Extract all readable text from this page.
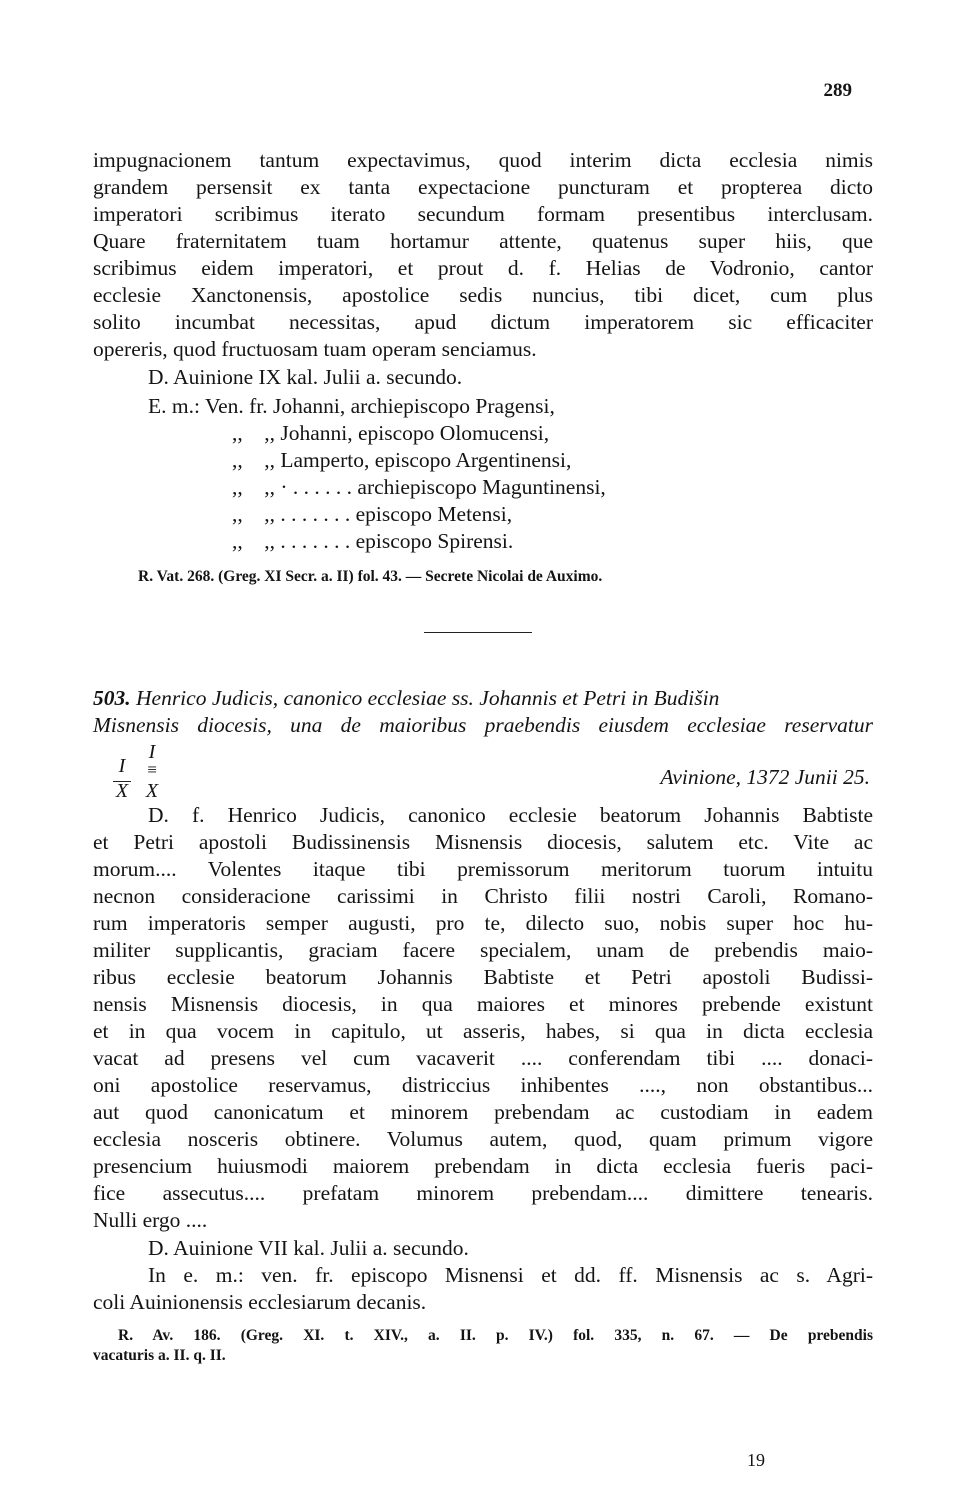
289
impugnacionem tantum expectavimus, quod interim dicta ecclesia nimis
grandem persensit ex tanta expectacione puncturam et propterea dicto
imperatori scribimus iterato secundum formam presentibus interclusam.
Quare fraternitatem tuam hortamur attente, quatenus super hiis, que
scribimus eidem imperatori, et prout d. f. Helias de Vodronio, cantor
ecclesie Xanctonensis, apostolice sedis nuncius, tibi dicet, cum plus
solito incumbat necessitas, apud dictum imperatorem sic efficaciter
opereris, quod fructuosam tuam operam senciamus.
D. Auinione IX kal. Julii a. secundo.
E. m.: Ven. fr. Johanni, archiepiscopo Pragensi,
,,    ,, Johanni, episcopo Olomucensi,
,,    ,, Lamperto, episcopo Argentinensi,
,,    ,, · . . . . . . archiepiscopo Maguntinensi,
,,    ,, . . . . . . . episcopo Metensi,
,,    ,, . . . . . . . episcopo Spirensi.
R. Vat. 268. (Greg. XI Secr. a. II) fol. 43. — Secrete Nicolai de Auximo.
503. Henrico Judicis, canonico ecclesiae ss. Johannis et Petri in Budišin
Misnensis diocesis, una de maioribus praebendis eiusdem ecclesiae reservatur
I
X
I
≡
X
Avinione, 1372 Junii 25.
D. f. Henrico Judicis, canonico ecclesie beatorum Johannis Babtiste
et Petri apostoli Budissinensis Misnensis diocesis, salutem etc. Vite ac
morum.... Volentes itaque tibi premissorum meritorum tuorum intuitu
necnon consideracione carissimi in Christo filii nostri Caroli, Romano-
rum imperatoris semper augusti, pro te, dilecto suo, nobis super hoc hu-
militer supplicantis, graciam facere specialem, unam de prebendis maio-
ribus ecclesie beatorum Johannis Babtiste et Petri apostoli Budissi-
nensis Misnensis diocesis, in qua maiores et minores prebende existunt
et in qua vocem in capitulo, ut asseris, habes, si qua in dicta ecclesia
vacat ad presens vel cum vacaverit .... conferendam tibi .... donaci-
oni apostolice reservamus, districcius inhibentes ...., non obstantibus...
aut quod canonicatum et minorem prebendam ac custodiam in eadem
ecclesia nosceris obtinere. Volumus autem, quod, quam primum vigore
presencium huiusmodi maiorem prebendam in dicta ecclesia fueris paci-
fice assecutus.... prefatam minorem prebendam.... dimittere tenearis.
Nulli ergo ....
D. Auinione VII kal. Julii a. secundo.
In e. m.: ven. fr. episcopo Misnensi et dd. ff. Misnensis ac s. Agri-
coli Auinionensis ecclesiarum decanis.
R. Av. 186. (Greg. XI. t. XIV., a. II. p. IV.) fol. 335, n. 67. — De prebendis
vacaturis a. II. q. II.
19
